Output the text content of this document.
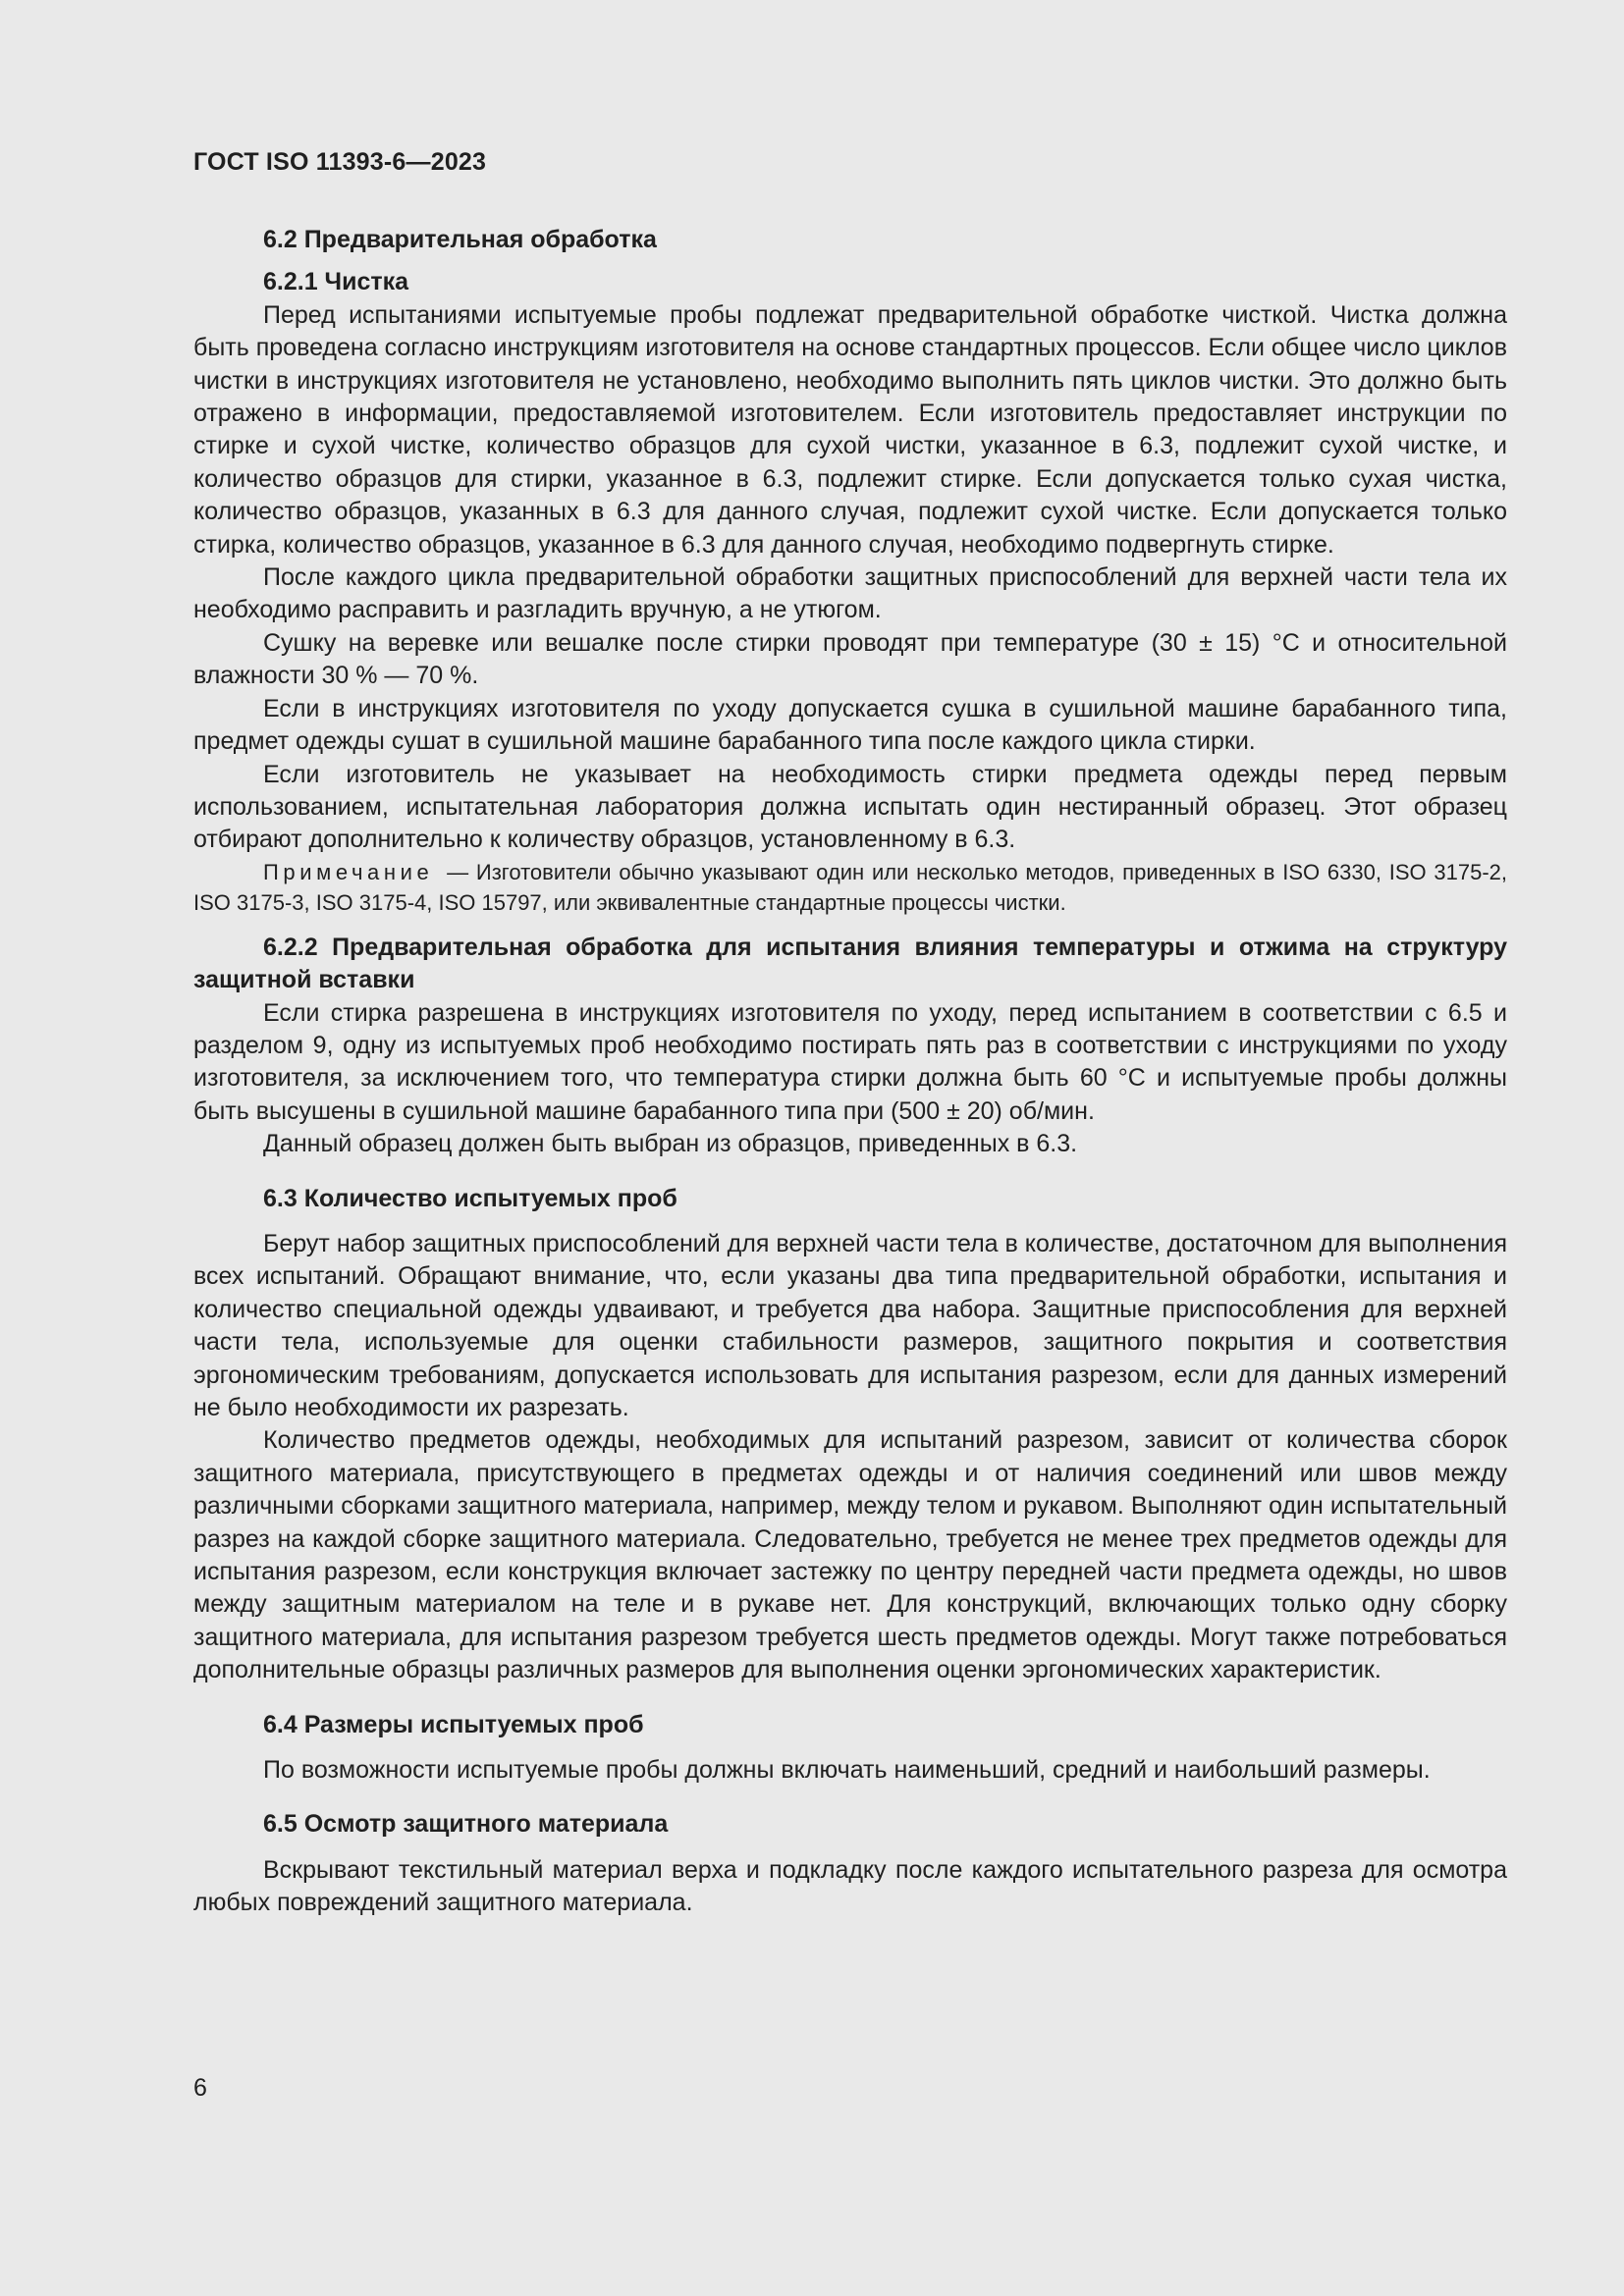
ГОСТ ISO 11393-6—2023
6.2 Предварительная обработка
6.2.1 Чистка

Перед испытаниями испытуемые пробы подлежат предварительной обработке чисткой. Чистка должна быть проведена согласно инструкциям изготовителя на основе стандартных процессов. Если общее число циклов чистки в инструкциях изготовителя не установлено, необходимо выполнить пять циклов чистки. Это должно быть отражено в информации, предоставляемой изготовителем. Если изготовитель предоставляет инструкции по стирке и сухой чистке, количество образцов для сухой чистки, указанное в 6.3, подлежит сухой чистке, и количество образцов для стирки, указанное в 6.3, подлежит стирке. Если допускается только сухая чистка, количество образцов, указанных в 6.3 для данного случая, подлежит сухой чистке. Если допускается только стирка, количество образцов, указанное в 6.3 для данного случая, необходимо подвергнуть стирке.

После каждого цикла предварительной обработки защитных приспособлений для верхней части тела их необходимо расправить и разгладить вручную, а не утюгом.

Сушку на веревке или вешалке после стирки проводят при температуре (30 ± 15) °С и относительной влажности 30 % — 70 %.

Если в инструкциях изготовителя по уходу допускается сушка в сушильной машине барабанного типа, предмет одежды сушат в сушильной машине барабанного типа после каждого цикла стирки.

Если изготовитель не указывает на необходимость стирки предмета одежды перед первым использованием, испытательная лаборатория должна испытать один нестиранный образец. Этот образец отбирают дополнительно к количеству образцов, установленному в 6.3.

Примечание — Изготовители обычно указывают один или несколько методов, приведенных в ISO 6330, ISO 3175-2, ISO 3175-3, ISO 3175-4, ISO 15797, или эквивалентные стандартные процессы чистки.

6.2.2 Предварительная обработка для испытания влияния температуры и отжима на структуру защитной вставки

Если стирка разрешена в инструкциях изготовителя по уходу, перед испытанием в соответствии с 6.5 и разделом 9, одну из испытуемых проб необходимо постирать пять раз в соответствии с инструкциями по уходу изготовителя, за исключением того, что температура стирки должна быть 60 °С и испытуемые пробы должны быть высушены в сушильной машине барабанного типа при (500 ± 20) об/мин.

Данный образец должен быть выбран из образцов, приведенных в 6.3.

6.3 Количество испытуемых проб

Берут набор защитных приспособлений для верхней части тела в количестве, достаточном для выполнения всех испытаний. Обращают внимание, что, если указаны два типа предварительной обработки, испытания и количество специальной одежды удваивают, и требуется два набора. Защитные приспособления для верхней части тела, используемые для оценки стабильности размеров, защитного покрытия и соответствия эргономическим требованиям, допускается использовать для испытания разрезом, если для данных измерений не было необходимости их разрезать.

Количество предметов одежды, необходимых для испытаний разрезом, зависит от количества сборок защитного материала, присутствующего в предметах одежды и от наличия соединений или швов между различными сборками защитного материала, например, между телом и рукавом. Выполняют один испытательный разрез на каждой сборке защитного материала. Следовательно, требуется не менее трех предметов одежды для испытания разрезом, если конструкция включает застежку по центру передней части предмета одежды, но швов между защитным материалом на теле и в рукаве нет. Для конструкций, включающих только одну сборку защитного материала, для испытания разрезом требуется шесть предметов одежды. Могут также потребоваться дополнительные образцы различных размеров для выполнения оценки эргономических характеристик.

6.4 Размеры испытуемых проб

По возможности испытуемые пробы должны включать наименьший, средний и наибольший размеры.

6.5 Осмотр защитного материала

Вскрывают текстильный материал верха и подкладку после каждого испытательного разреза для осмотра любых повреждений защитного материала.

6
